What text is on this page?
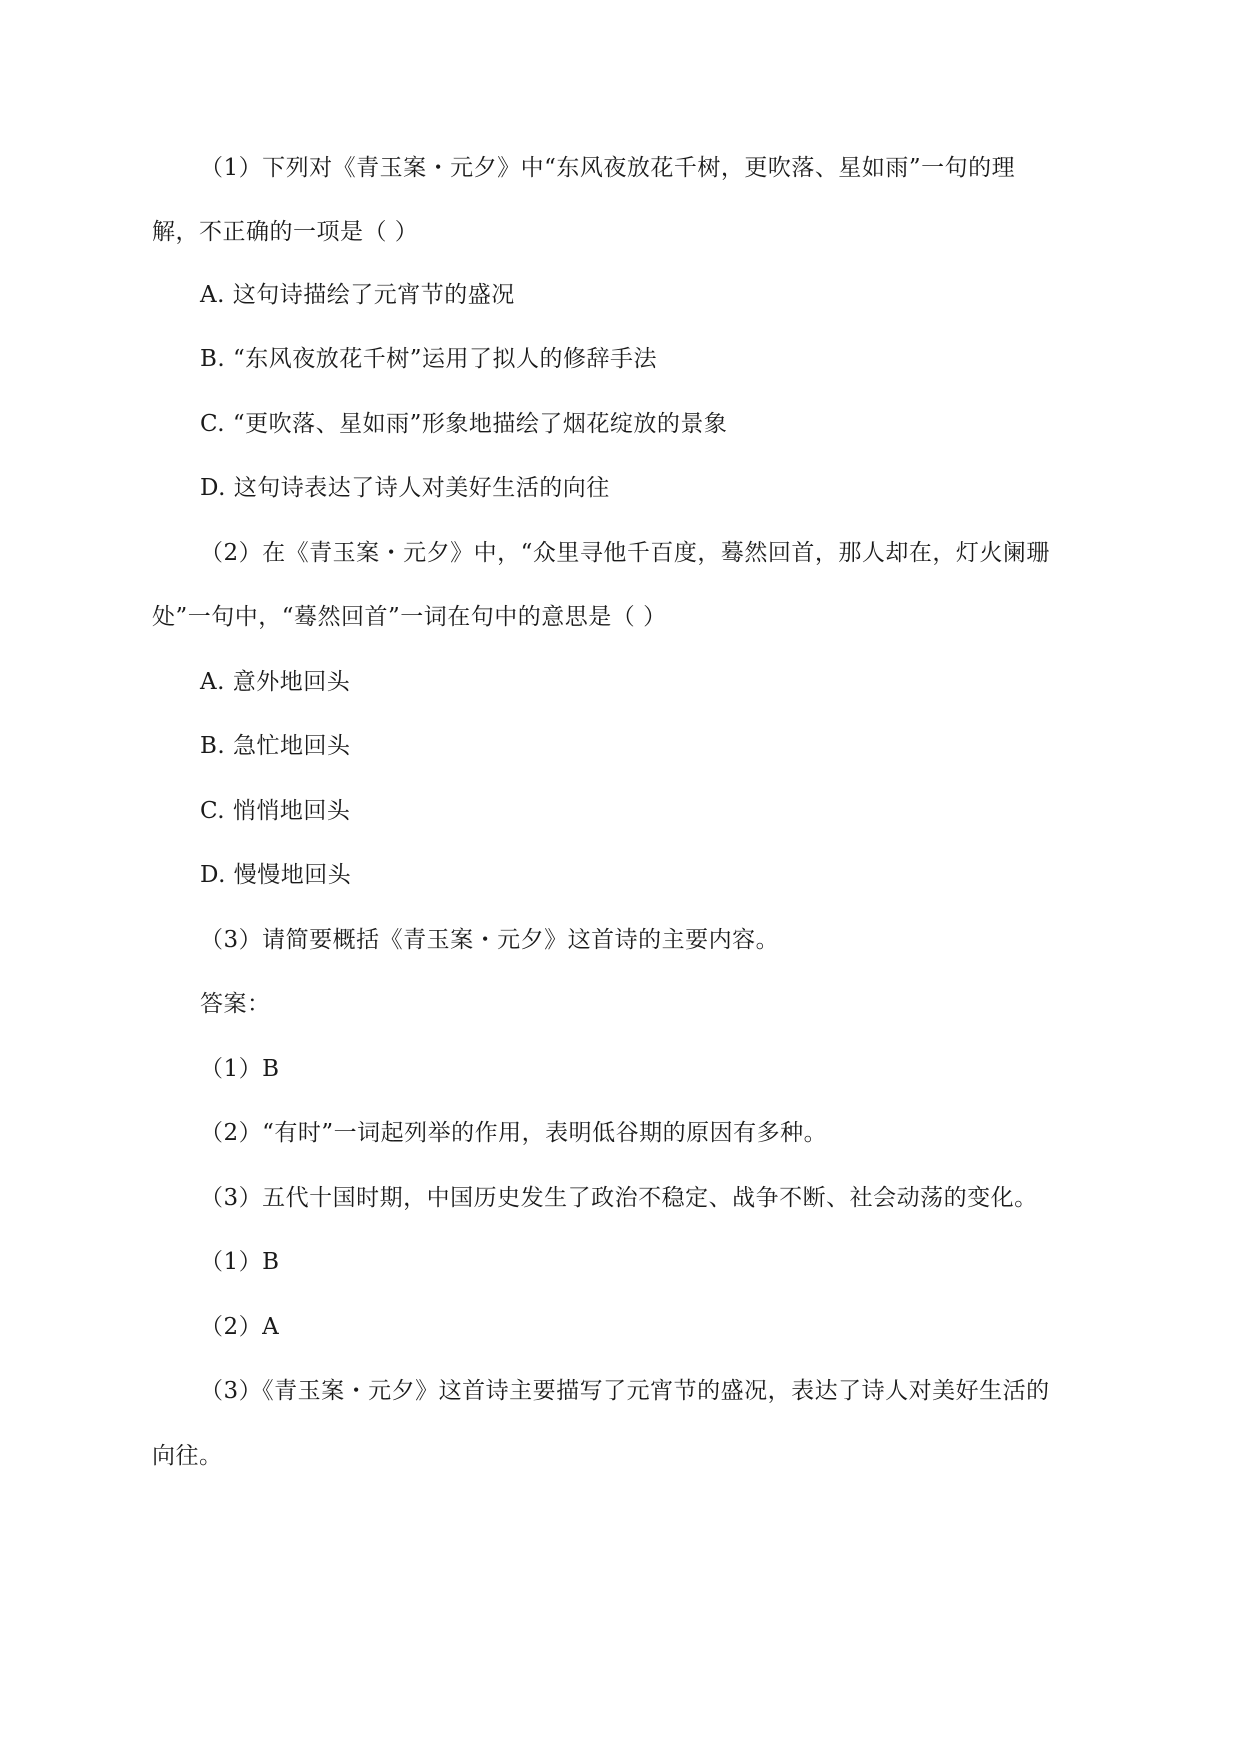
（1）下列对《青玉案・元夕》中“东风夜放花千树，更吹落、星如雨”一句的理
解，不正确的一项是（ ）
A. 这句诗描绘了元宵节的盛况
B. “东风夜放花千树”运用了拟人的修辞手法
C. “更吹落、星如雨”形象地描绘了烟花绽放的景象
D. 这句诗表达了诗人对美好生活的向往
（2）在《青玉案・元夕》中，“众里寻他千百度，蓦然回首，那人却在，灯火阑珊
处”一句中，“蓦然回首”一词在句中的意思是（ ）
A. 意外地回头
B. 急忙地回头
C. 悄悄地回头
D. 慢慢地回头
（3）请简要概括《青玉案・元夕》这首诗的主要内容。
答案：
（1）B
（2）“有时”一词起列举的作用，表明低谷期的原因有多种。
（3）五代十国时期，中国历史发生了政治不稳定、战争不断、社会动荡的变化。
（1）B
（2）A
（3）《青玉案・元夕》这首诗主要描写了元宵节的盛况，表达了诗人对美好生活的
向往。
